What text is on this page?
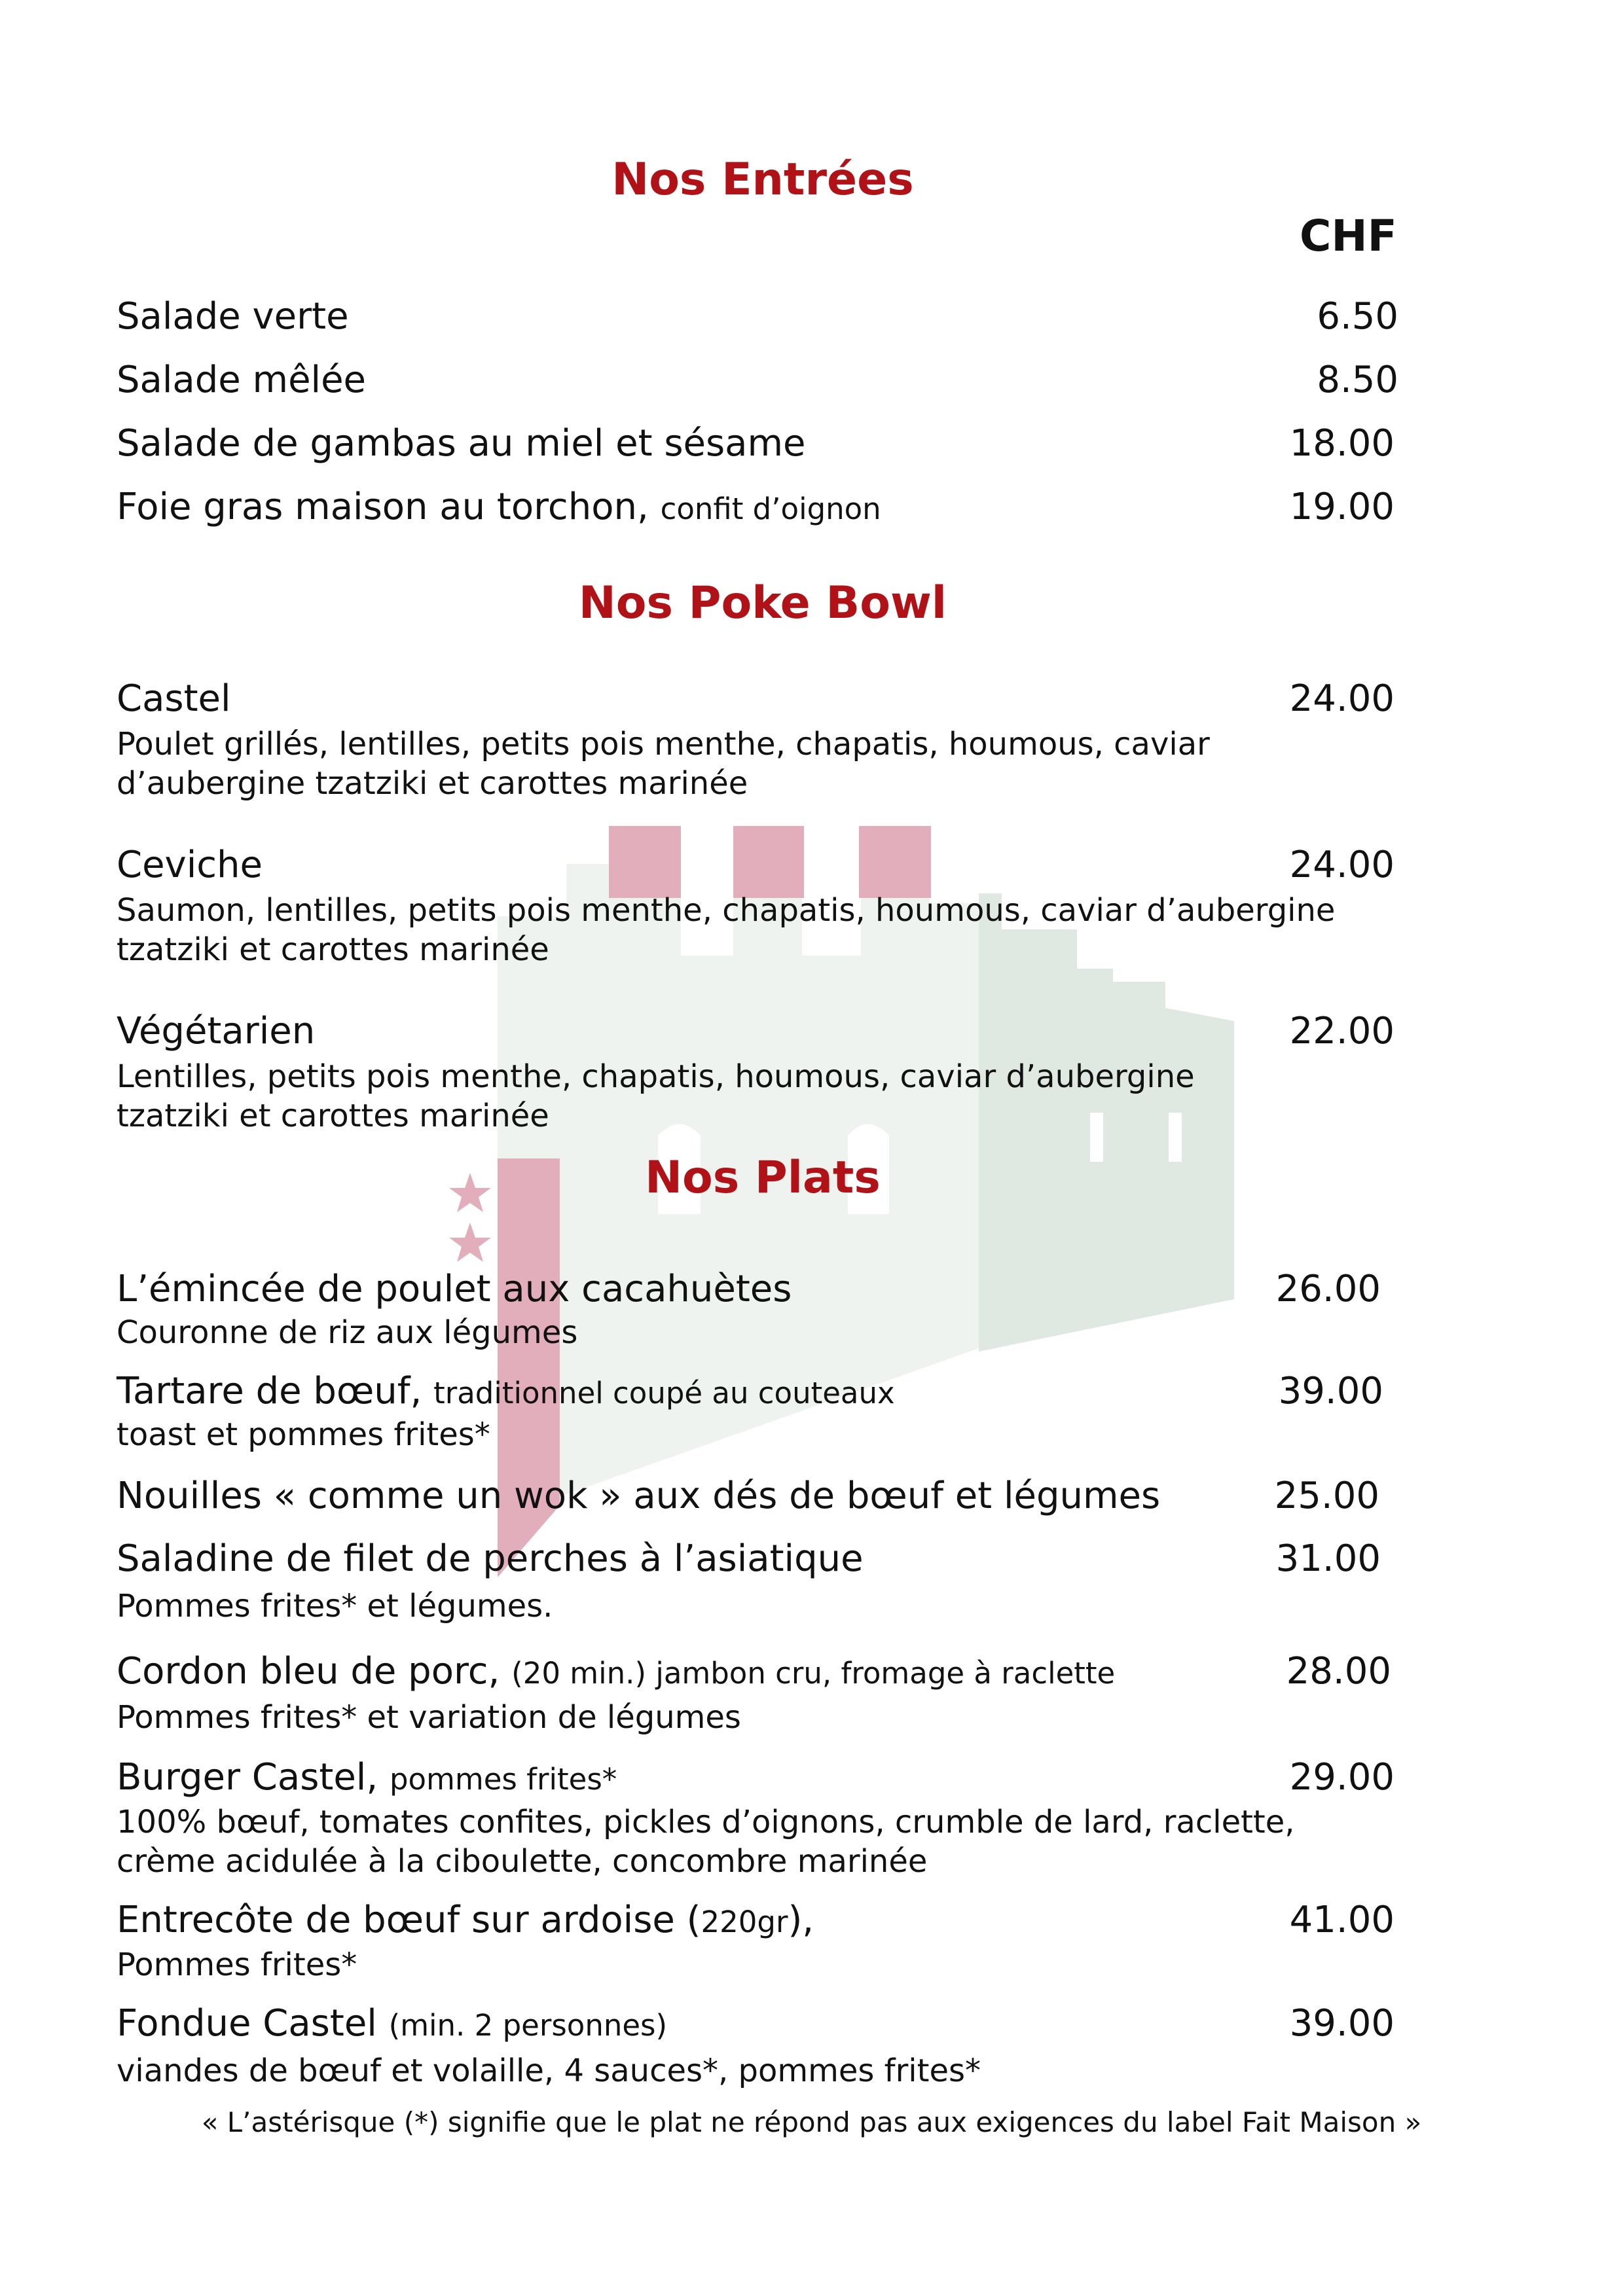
Nos Entrées
CHF
Salade verte	6.50
Salade mêlée	8.50
Salade de gambas au miel et sésame	18.00
Foie gras maison au torchon, confit d’oignon	19.00
Nos Poke Bowl
Castel	24.00
Poulet grillés, lentilles, petits pois menthe, chapatis, houmous, caviar
d’aubergine tzatziki et carottes marinée
Ceviche	24.00
Saumon, lentilles, petits pois menthe, chapatis, houmous, caviar d’aubergine
tzatziki et carottes marinée
Végétarien	22.00
Lentilles, petits pois menthe, chapatis, houmous, caviar d’aubergine
tzatziki et carottes marinée
Nos Plats
L’émincée de poulet aux cacahuètes	26.00
Couronne de riz aux légumes
Tartare de bœuf, traditionnel coupé au couteaux	39.00
toast et pommes frites*
Nouilles « comme un wok » aux dés de bœuf et légumes	25.00
Saladine de filet de perches à l’asiatique	31.00
Pommes frites* et légumes.
Cordon bleu de porc, (20 min.) jambon cru, fromage à raclette	28.00
Pommes frites* et variation de légumes
Burger Castel, pommes frites*	29.00
100% bœuf, tomates confites, pickles d’oignons, crumble de lard, raclette,
crème acidulée à la ciboulette, concombre marinée
Entrecôte de bœuf sur ardoise (220gr),	41.00
Pommes frites*
Fondue Castel (min. 2 personnes)	39.00
viandes de bœuf et volaille, 4 sauces*, pommes frites*
« L’astérisque (*) signifie que le plat ne répond pas aux exigences du label Fait Maison »
